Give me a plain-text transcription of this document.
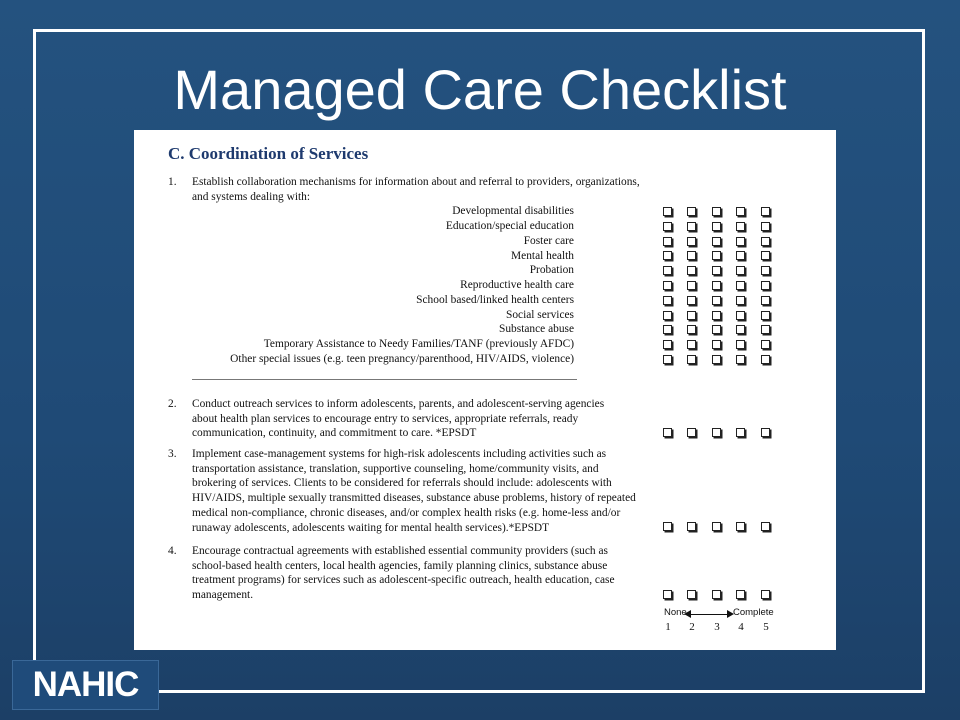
Managed Care Checklist
C. Coordination of Services
1. Establish collaboration mechanisms for information about and referral to providers, organizations, and systems dealing with:
Developmental disabilities
Education/special education
Foster care
Mental health
Probation
Reproductive health care
School based/linked health centers
Social services
Substance abuse
Temporary Assistance to Needy Families/TANF (previously AFDC)
Other special issues (e.g. teen pregnancy/parenthood, HIV/AIDS, violence)
2. Conduct outreach services to inform adolescents, parents, and adolescent-serving agencies about health plan services to encourage entry to services, appropriate referrals, ready communication, continuity, and commitment to care. *EPSDT
3. Implement case-management systems for high-risk adolescents including activities such as transportation assistance, translation, supportive counseling, home/community visits, and brokering of services. Clients to be considered for referrals should include: adolescents with HIV/AIDS, multiple sexually transmitted diseases, substance abuse problems, history of repeated medical non-compliance, chronic diseases, and/or complex health risks (e.g. home-less and/or runaway adolescents, adolescents waiting for mental health services).*EPSDT
4. Encourage contractual agreements with established essential community providers (such as school-based health centers, local health agencies, family planning clinics, substance abuse treatment programs) for services such as adolescent-specific outreach, health education, case management.
None	Complete
1	2	3	4	5
NAHIC
